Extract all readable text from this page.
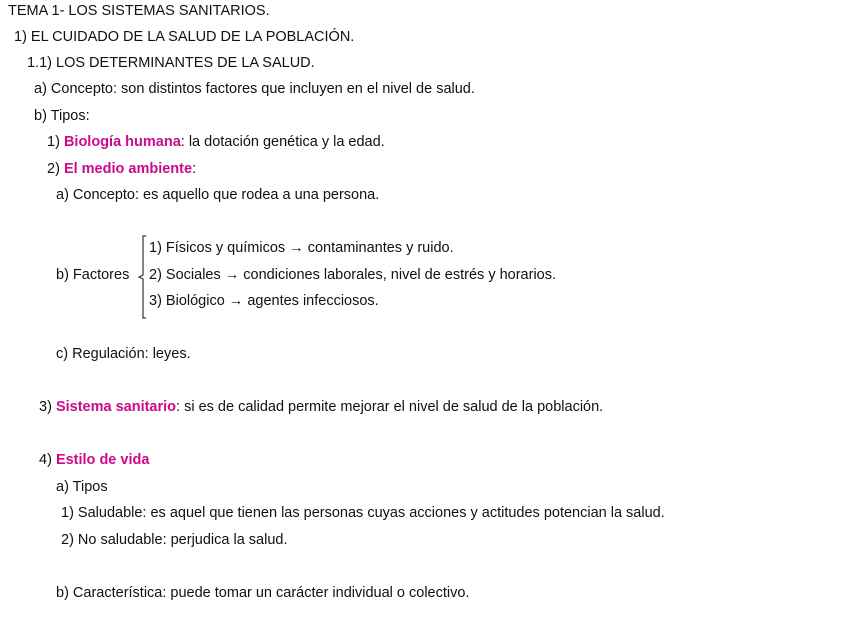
TEMA 1- LOS SISTEMAS SANITARIOS.
1) EL CUIDADO DE LA SALUD DE LA POBLACIÓN.
1.1) LOS DETERMINANTES DE LA SALUD.
a) Concepto: son distintos factores que incluyen en el nivel de salud.
b) Tipos:
1) Biología humana: la dotación genética y la edad.
2) El medio ambiente:
a) Concepto: es aquello que rodea a una persona.
b) Factores
1) Físicos y químicos → contaminantes y ruido.
2) Sociales → condiciones laborales, nivel de estrés y horarios.
3) Biológico → agentes infecciosos.
c) Regulación: leyes.
3) Sistema sanitario: si es de calidad permite mejorar el nivel de salud de la población.
4) Estilo de vida
a) Tipos
1) Saludable: es aquel que tienen las personas cuyas acciones y actitudes potencian la salud.
2) No saludable: perjudica la salud.
b) Característica: puede tomar un carácter individual o colectivo.
